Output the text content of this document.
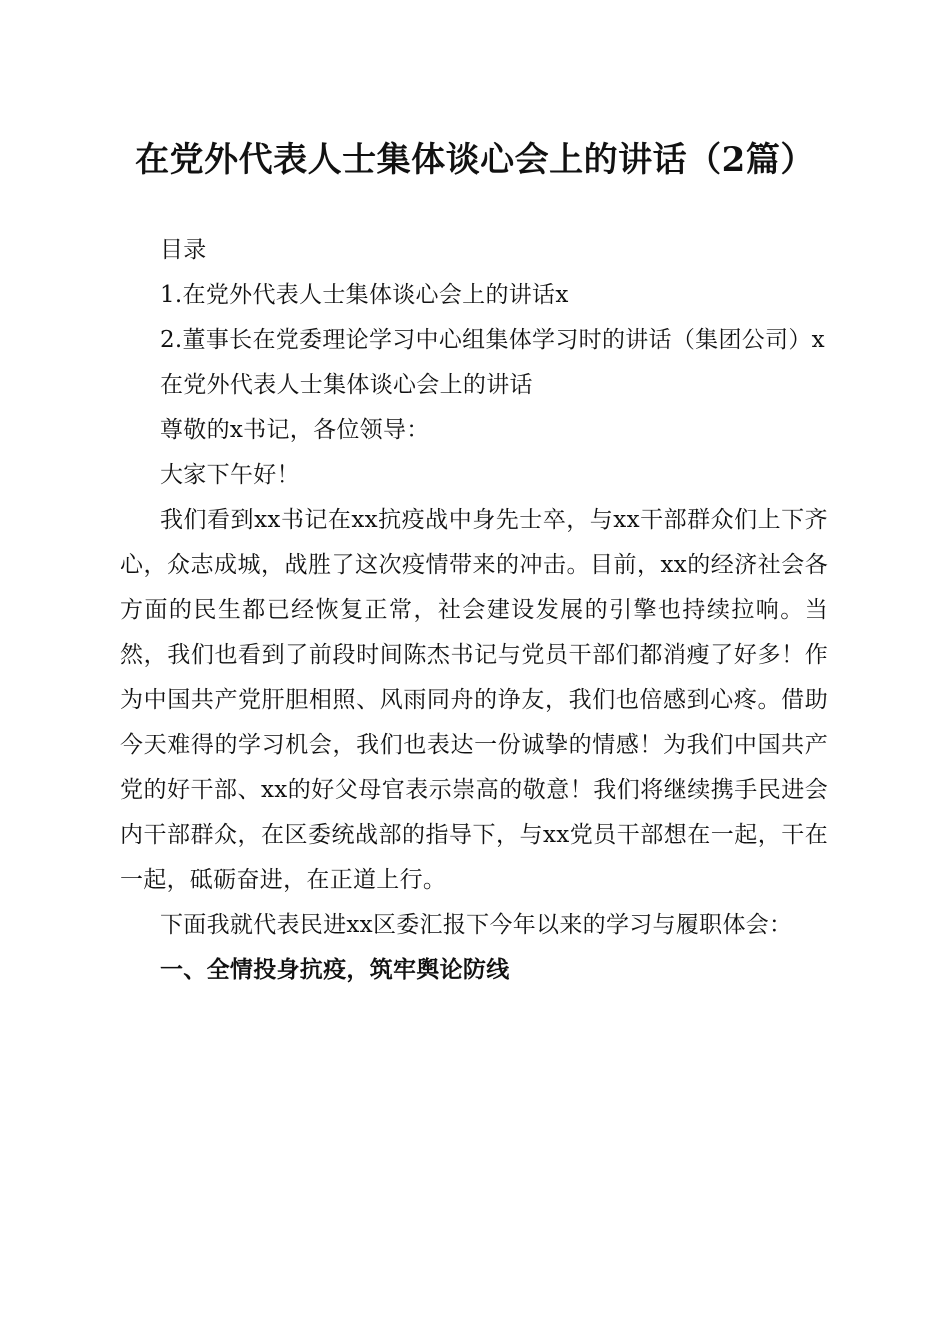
在党外代表人士集体谈心会上的讲话（2篇）

目录

1.在党外代表人士集体谈心会上的讲话x

2.董事长在党委理论学习中心组集体学习时的讲话（集团公司）x

在党外代表人士集体谈心会上的讲话

尊敬的x书记，各位领导：

大家下午好！

我们看到xx书记在xx抗疫战中身先士卒，与xx干部群众们上下齐心，众志成城，战胜了这次疫情带来的冲击。目前，xx的经济社会各方面的民生都已经恢复正常，社会建设发展的引擎也持续拉响。当然，我们也看到了前段时间陈杰书记与党员干部们都消瘦了好多！作为中国共产党肝胆相照、风雨同舟的诤友，我们也倍感到心疼。借助今天难得的学习机会，我们也表达一份诚挚的情感！为我们中国共产党的好干部、xx的好父母官表示崇高的敬意！我们将继续携手民进会内干部群众，在区委统战部的指导下，与xx党员干部想在一起，干在一起，砥砺奋进，在正道上行。

下面我就代表民进xx区委汇报下今年以来的学习与履职体会：

一、全情投身抗疫，筑牢舆论防线
